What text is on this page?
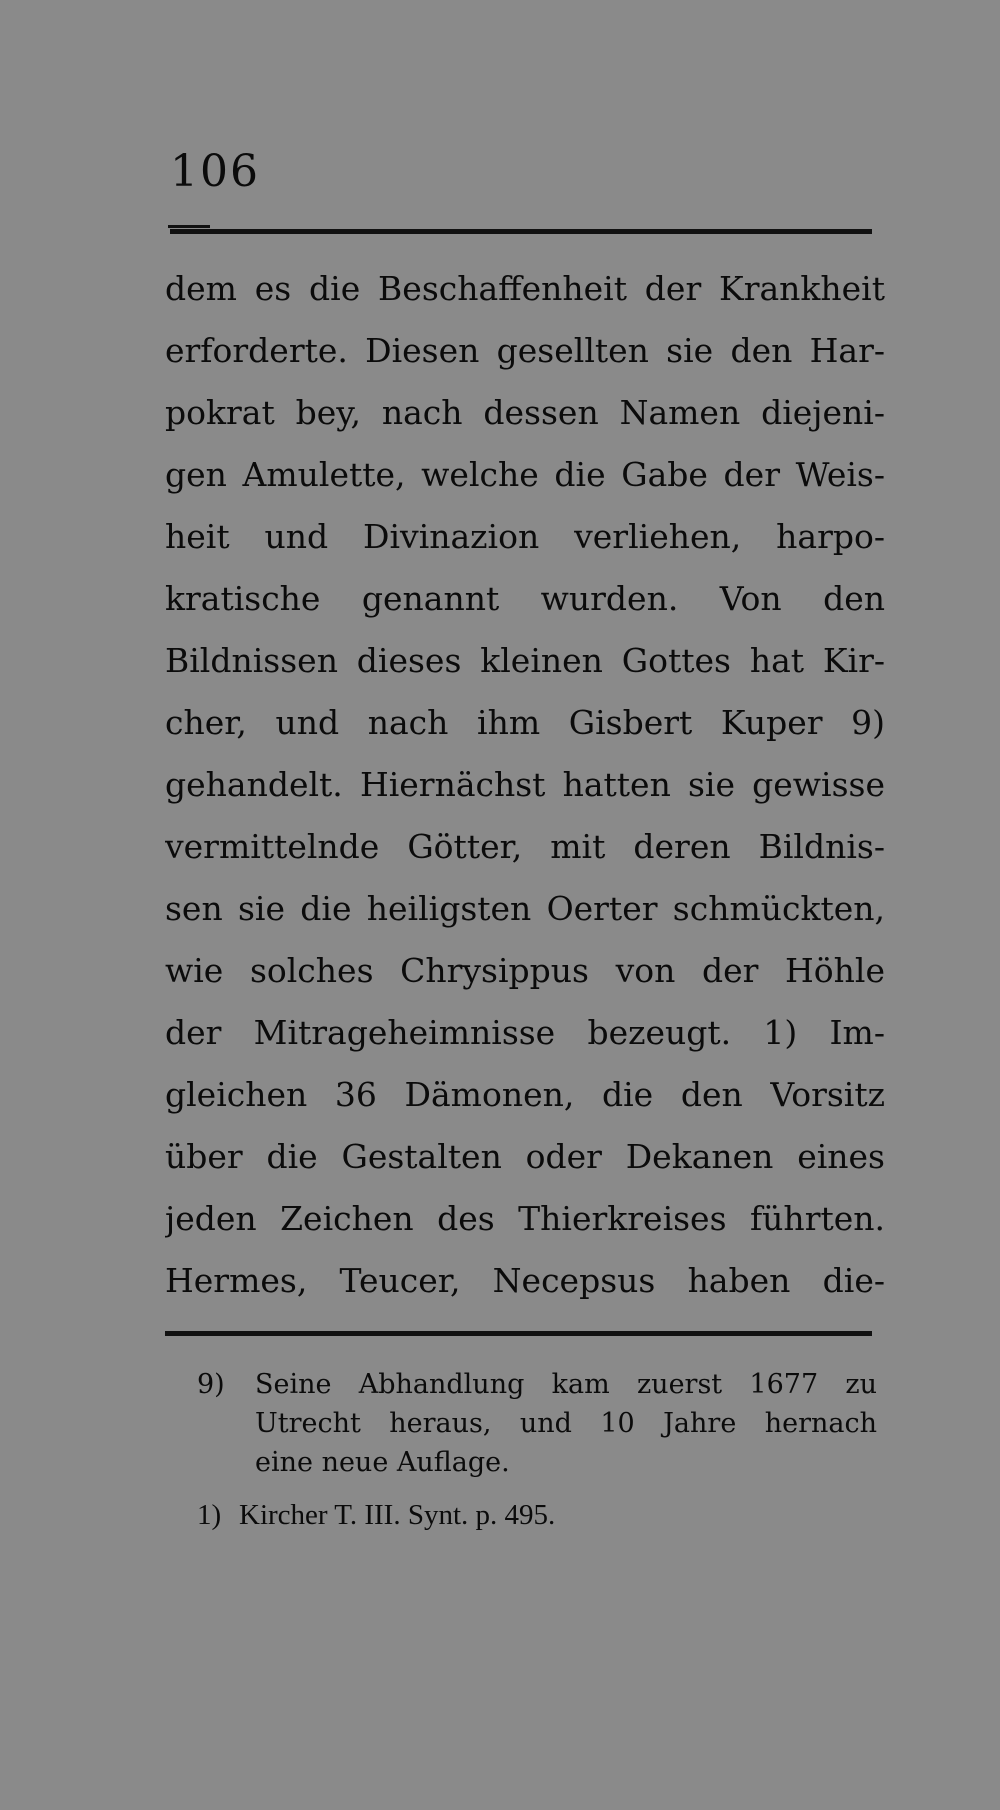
106
dem es die Beschaffenheit der Krankheit
erforderte. Diesen gesellten sie den Har-
pokrat bey, nach dessen Namen diejeni-
gen Amulette, welche die Gabe der Weis-
heit und Divinazion verliehen, harpo-
kratische genannt wurden. Von den
Bildnissen dieses kleinen Gottes hat Kir-
cher, und nach ihm Gisbert Kuper 9)
gehandelt. Hiernächst hatten sie gewisse
vermittelnde Götter, mit deren Bildnis-
sen sie die heiligsten Oerter schmückten,
wie solches Chrysippus von der Höhle
der Mitrageheimnisse bezeugt. 1) Im-
gleichen 36 Dämonen, die den Vorsitz
über die Gestalten oder Dekanen eines
jeden Zeichen des Thierkreises führten.
Hermes, Teucer, Necepsus haben die-
9)	Seine Abhandlung kam zuerst 1677 zu
Utrecht heraus, und 10 Jahre hernach
eine neue Auflage.
1) Kircher T. III. Synt. p. 495.
